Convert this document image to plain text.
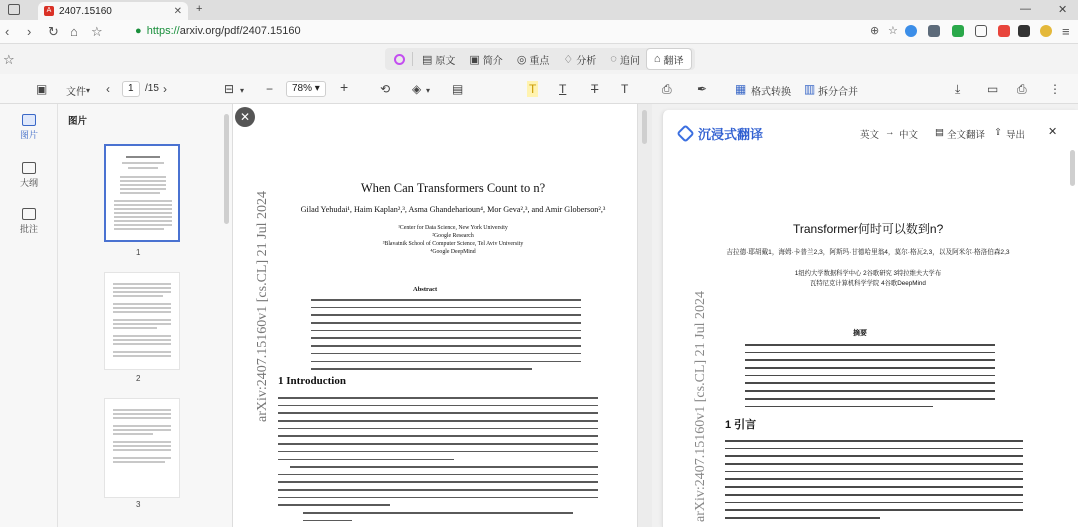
A 2407.15160	✕ +	— ✕
‹ › ↻ ⌂ ☆	● https://arxiv.org/pdf/2407.15160	⊕ ☆	≡
☆	▤ 原文 ▣ 简介 ◎ 重点 ♢ 分析 ◌ 追问 ⌂ 翻译
▣ 文件 ▾ ‹	1	/15 ›	⊟ ▾ −	78% ▾	+	⟲ ◈ ▾ ▤	T T T T	⎙ ✒ ▦ 格式转换 ▥ 拆分合并	⤓ ▭ ⎙ ⋮
图片
大纲
批注
图片
1
2
3
arXiv:2407.15160v1 [cs.CL] 21 Jul 2024
When Can Transformers Count to n?
Gilad Yehudai¹, Haim Kaplan²,³, Asma Ghandeharioun⁴, Mor Geva²,³, and Amir Globerson²,³
¹Center for Data Science, New York University
²Google Research
³Blavatnik School of Computer Science, Tel Aviv University
⁴Google DeepMind
Abstract
1 Introduction
✕
沉浸式翻译	英文 → 中文 ▤ 全文翻译 ⇪ 导出 ✕
arXiv:2407.15160v1 [cs.CL] 21 Jul 2024
Transformer何时可以数到n?
吉拉德·耶胡戴1，海姆·卡普兰2,3，阿斯玛·甘德哈里翁4，莫尔·格瓦2,3，以及阿米尔·格洛伯森2,3
1纽约大学数据科学中心 2谷歌研究 3特拉维夫大学布
瓦特尼克计算机科学学院 4谷歌DeepMind
摘要
1 引言
